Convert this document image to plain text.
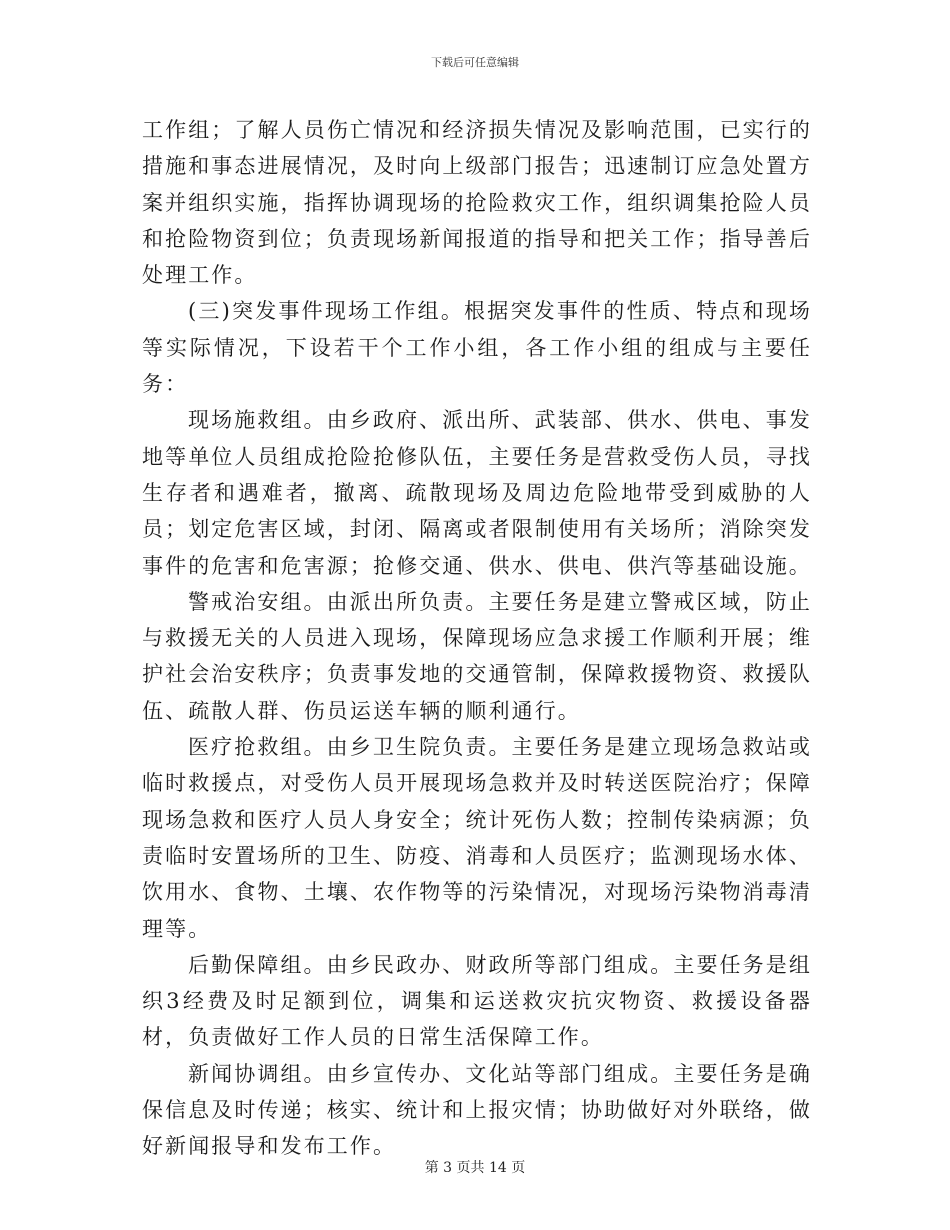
下载后可任意编辑

工作组；了解人员伤亡情况和经济损失情况及影响范围，已实行的措施和事态进展情况，及时向上级部门报告；迅速制订应急处置方案并组织实施，指挥协调现场的抢险救灾工作，组织调集抢险人员和抢险物资到位；负责现场新闻报道的指导和把关工作；指导善后处理工作。

(三)突发事件现场工作组。根据突发事件的性质、特点和现场等实际情况，下设若干个工作小组，各工作小组的组成与主要任务：

现场施救组。由乡政府、派出所、武装部、供水、供电、事发地等单位人员组成抢险抢修队伍，主要任务是营救受伤人员，寻找生存者和遇难者，撤离、疏散现场及周边危险地带受到威胁的人员；划定危害区域，封闭、隔离或者限制使用有关场所；消除突发事件的危害和危害源；抢修交通、供水、供电、供汽等基础设施。

警戒治安组。由派出所负责。主要任务是建立警戒区域，防止与救援无关的人员进入现场，保障现场应急求援工作顺利开展；维护社会治安秩序；负责事发地的交通管制，保障救援物资、救援队伍、疏散人群、伤员运送车辆的顺利通行。

医疗抢救组。由乡卫生院负责。主要任务是建立现场急救站或临时救援点，对受伤人员开展现场急救并及时转送医院治疗；保障现场急救和医疗人员人身安全；统计死伤人数；控制传染病源；负责临时安置场所的卫生、防疫、消毒和人员医疗；监测现场水体、饮用水、食物、土壤、农作物等的污染情况，对现场污染物消毒清理等。

后勤保障组。由乡民政办、财政所等部门组成。主要任务是组织3经费及时足额到位，调集和运送救灾抗灾物资、救援设备器材，负责做好工作人员的日常生活保障工作。

新闻协调组。由乡宣传办、文化站等部门组成。主要任务是确保信息及时传递；核实、统计和上报灾情；协助做好对外联络，做好新闻报导和发布工作。

第 3 页共 14 页
